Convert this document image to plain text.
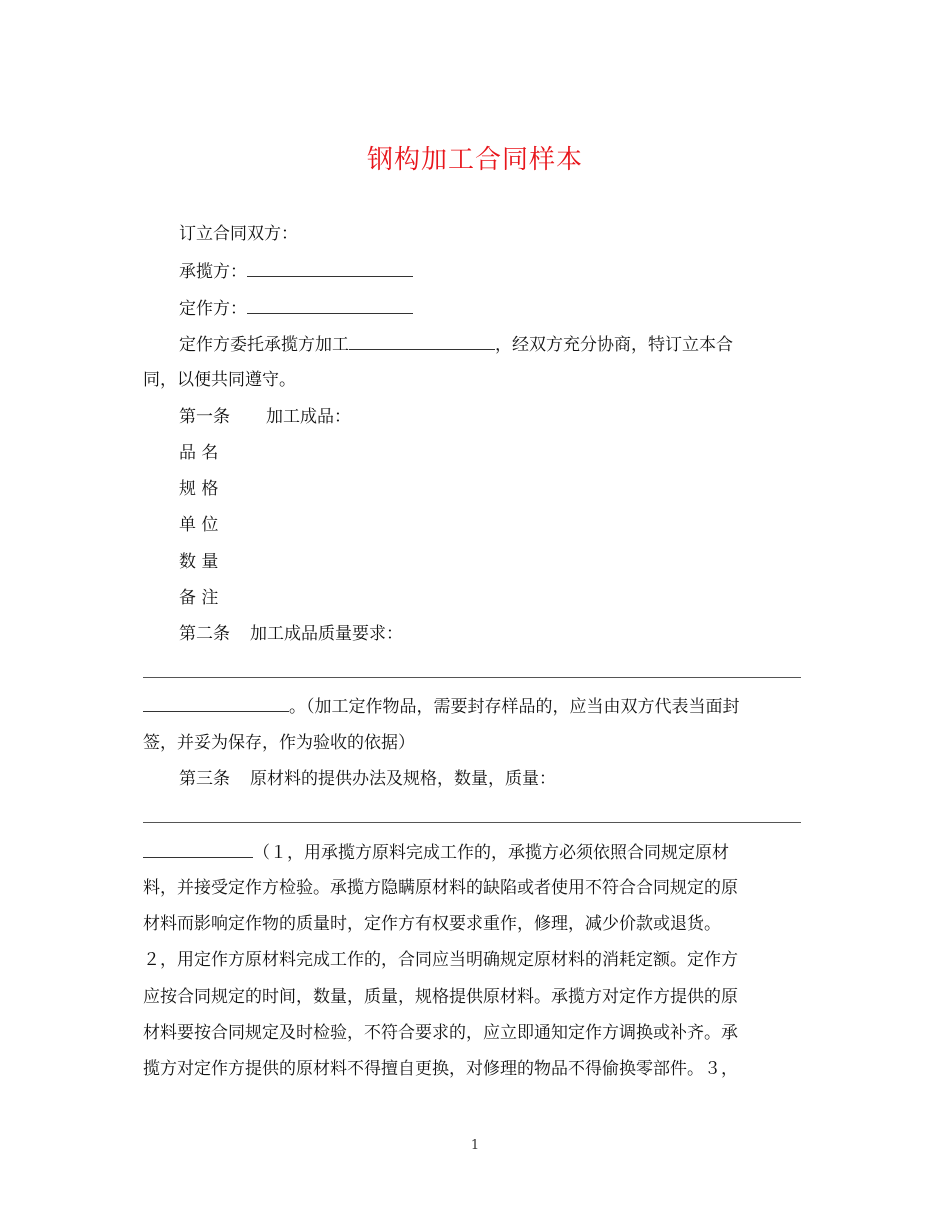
钢构加工合同样本
订立合同双方：
承揽方：
定作方：
定作方委托承揽方加工	，经双方充分协商，特订立本合
同，以便共同遵守。
第一条 加工成品：
品 名
规 格
单 位
数 量
备 注
第二条 加工成品质量要求：
。（加工定作物品，需要封存样品的，应当由双方代表当面封
签，并妥为保存，作为验收的依据）
第三条 原材料的提供办法及规格，数量，质量：
（１，用承揽方原料完成工作的，承揽方必须依照合同规定原材
料，并接受定作方检验。承揽方隐瞒原材料的缺陷或者使用不符合合同规定的原
材料而影响定作物的质量时，定作方有权要求重作，修理，减少价款或退货。
２，用定作方原材料完成工作的，合同应当明确规定原材料的消耗定额。定作方
应按合同规定的时间，数量，质量，规格提供原材料。承揽方对定作方提供的原
材料要按合同规定及时检验，不符合要求的，应立即通知定作方调换或补齐。承
揽方对定作方提供的原材料不得擅自更换，对修理的物品不得偷换零部件。３，
1
